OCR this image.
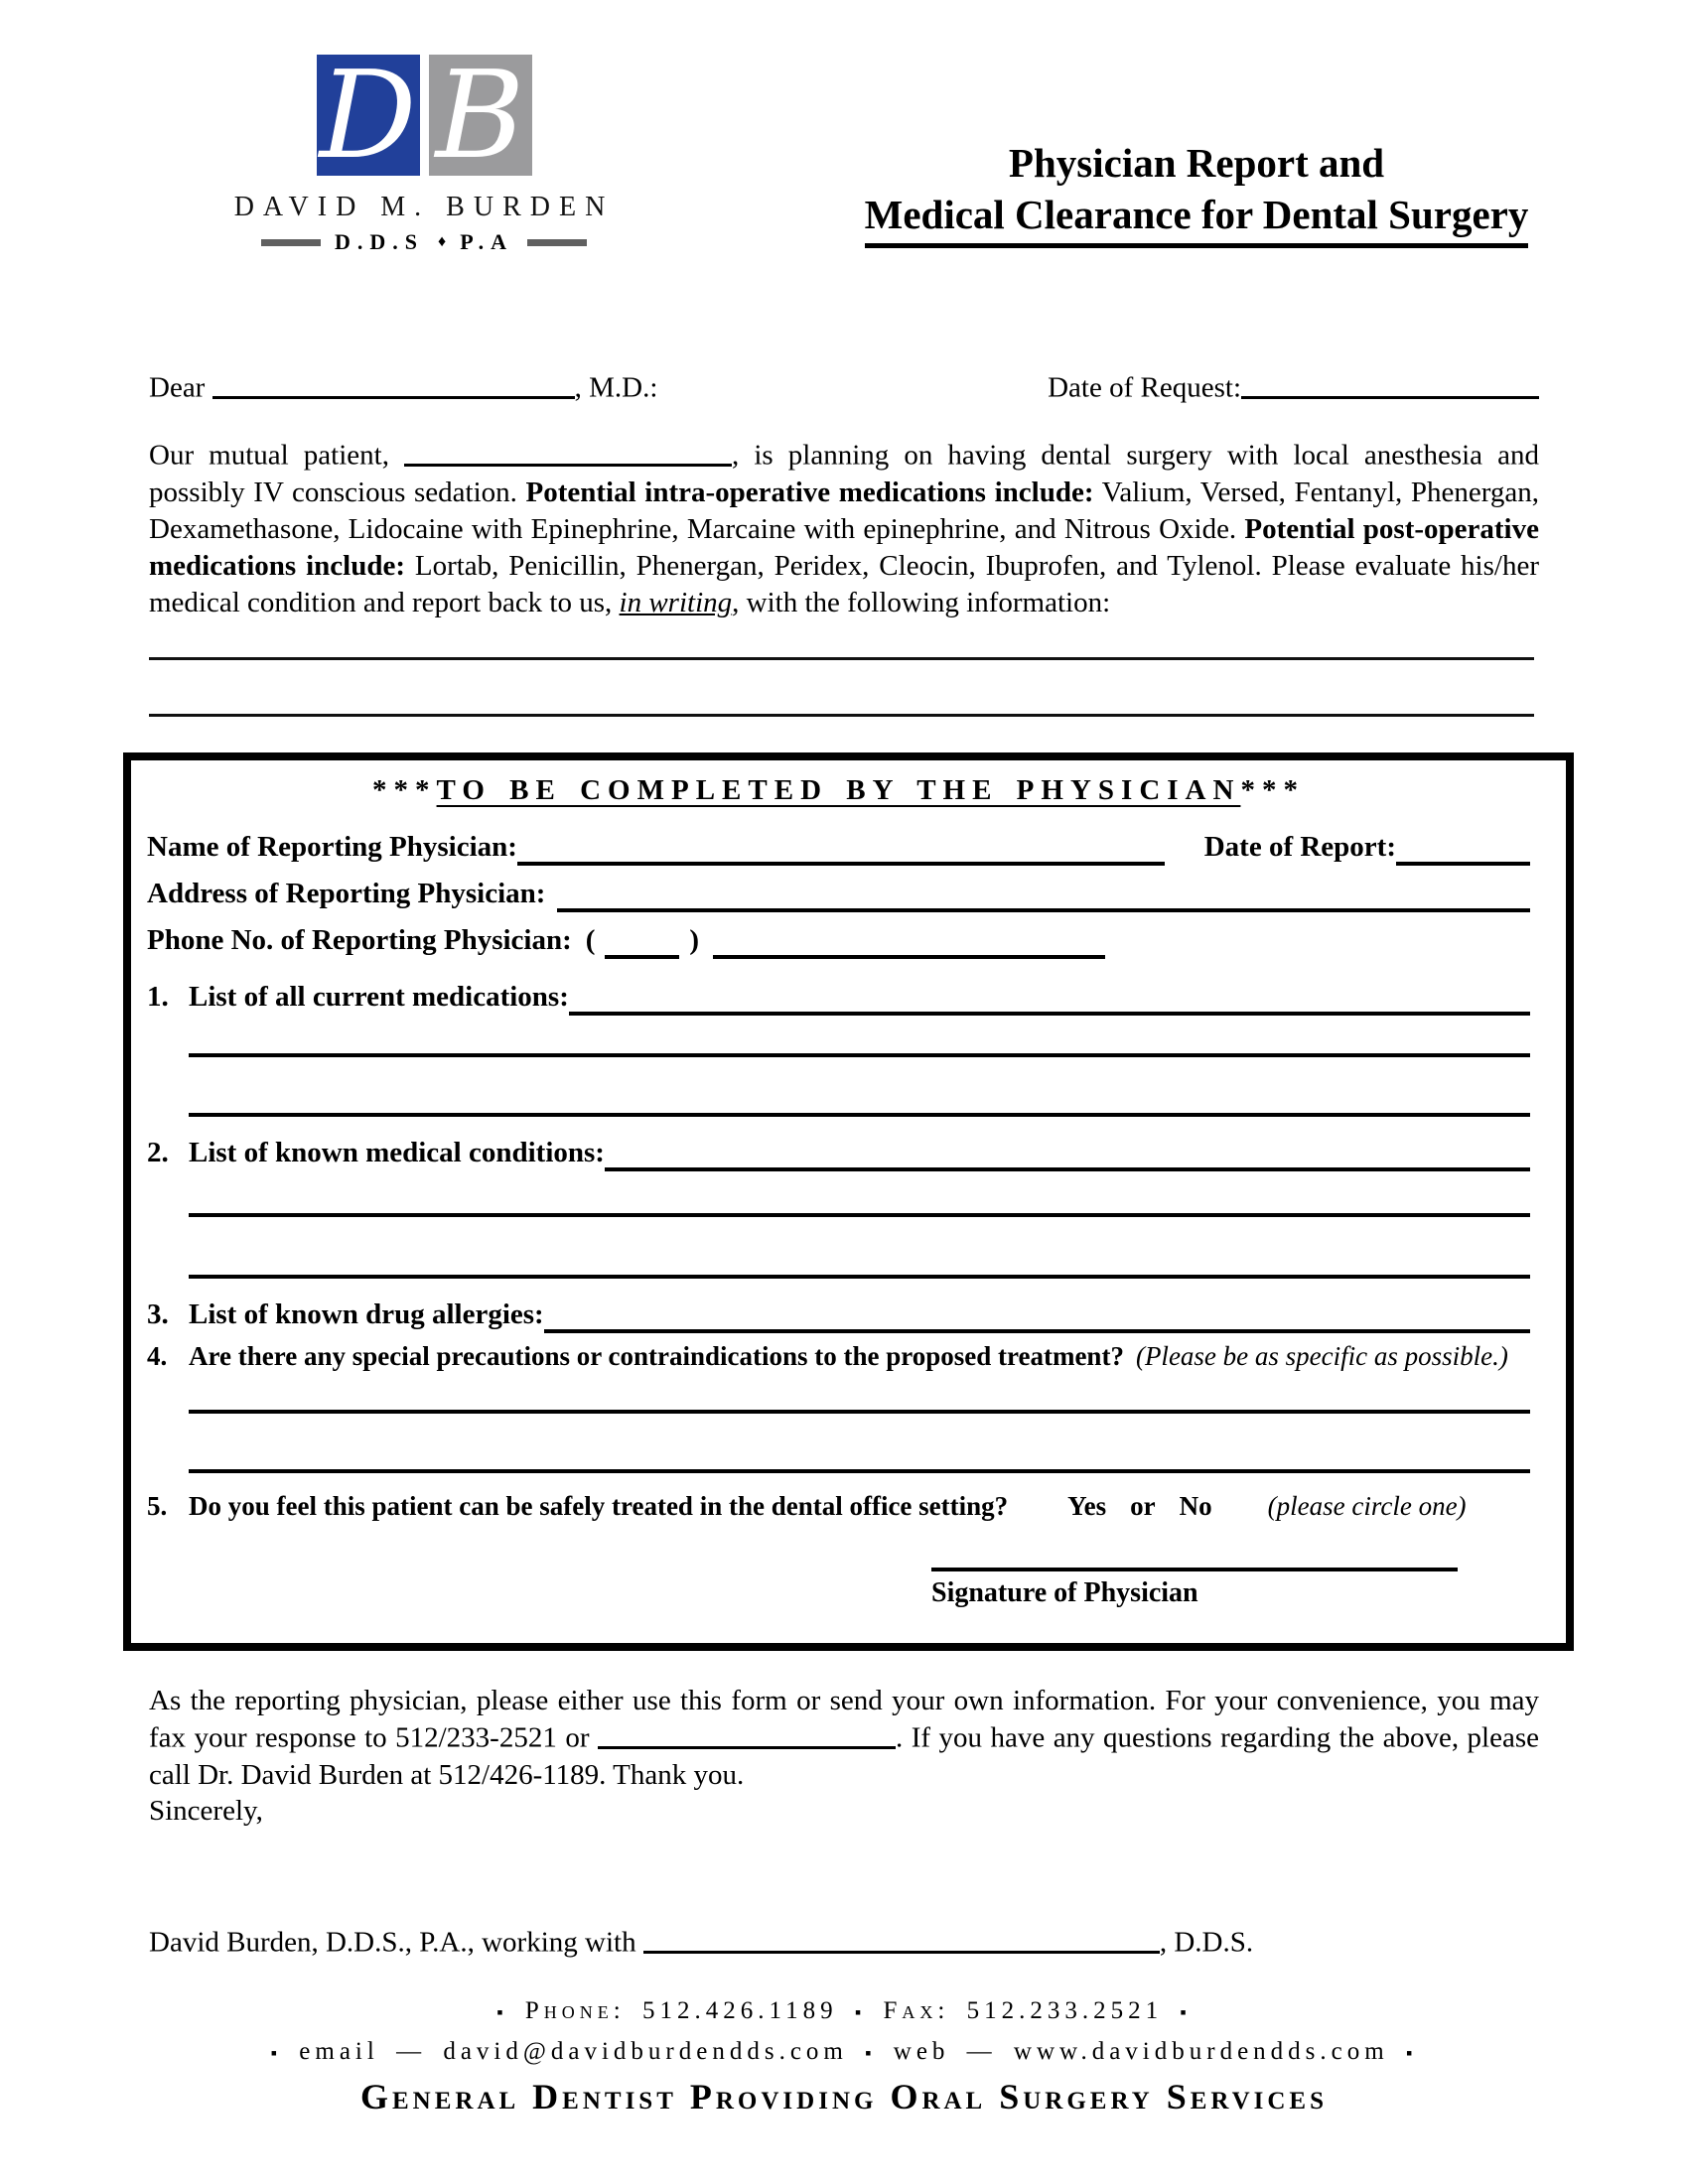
D B
DAVID M. BURDEN
D.D.S ♦ P.A
Physician Report and
Medical Clearance for Dental Surgery
Dear	, M.D.:	Date of Request:
Our mutual patient,	, is planning on having dental surgery with local anesthesia and possibly IV conscious sedation. Potential intra-operative medications include: Valium, Versed, Fentanyl, Phenergan, Dexamethasone, Lidocaine with Epinephrine, Marcaine with epinephrine, and Nitrous Oxide. Potential post-operative medications include: Lortab, Penicillin, Phenergan, Peridex, Cleocin, Ibuprofen, and Tylenol. Please evaluate his/her medical condition and report back to us, in writing, with the following information:
***TO BE COMPLETED BY THE PHYSICIAN***
Name of Reporting Physician:	Date of Report:
Address of Reporting Physician:
Phone No. of Reporting Physician: (	)
1. List of all current medications:
2. List of known medical conditions:
3. List of known drug allergies:
4. Are there any special precautions or contraindications to the proposed treatment? (Please be as specific as possible.)
5. Do you feel this patient can be safely treated in the dental office setting? Yes or No (please circle one)
Signature of Physician
As the reporting physician, please either use this form or send your own information. For your convenience, you may fax your response to 512/233-2521 or	. If you have any questions regarding the above, please call Dr. David Burden at 512/426-1189. Thank you.
Sincerely,
David Burden, D.D.S., P.A., working with	, D.D.S.
▪ Phone: 512.426.1189 ▪ Fax: 512.233.2521 ▪
▪ email — david@davidburdendds.com ▪ web — www.davidburdendds.com ▪
General Dentist Providing Oral Surgery Services
